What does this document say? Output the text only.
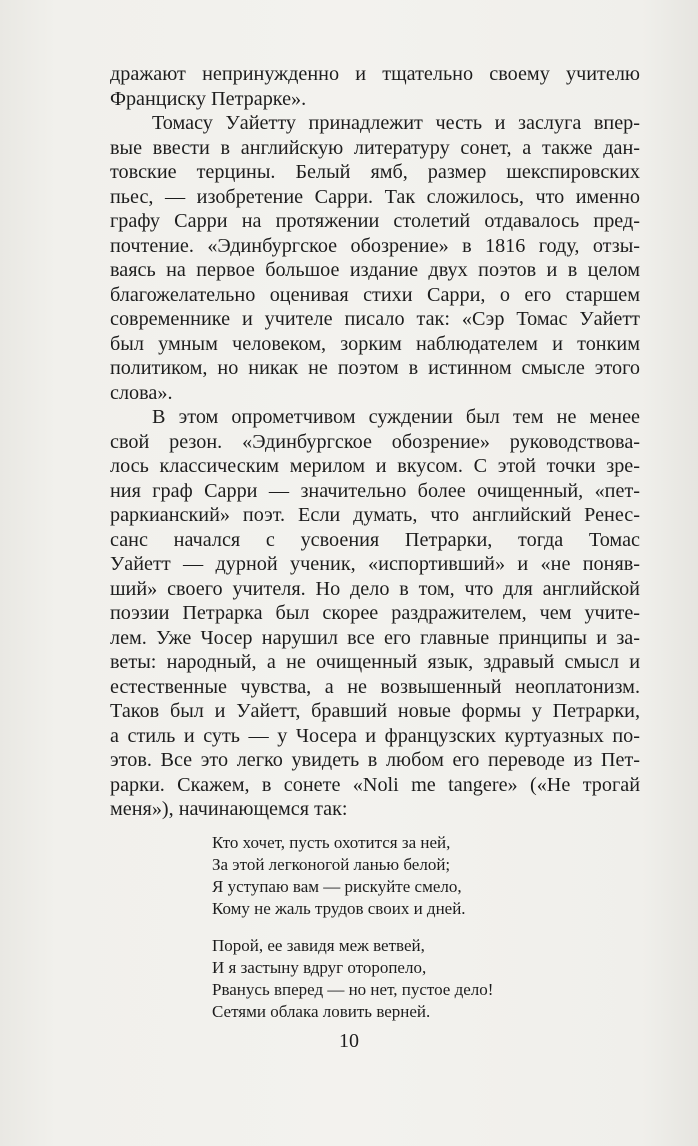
дражают непринужденно и тщательно своему учителю
Франциску Петрарке».

Томасу Уайетту принадлежит честь и заслуга впер-
вые ввести в английскую литературу сонет, а также дан-
товские терцины. Белый ямб, размер шекспировских
пьес, — изобретение Сарри. Так сложилось, что именно
графу Сарри на протяжении столетий отдавалось пред-
почтение. «Эдинбургское обозрение» в 1816 году, отзы-
ваясь на первое большое издание двух поэтов и в целом
благожелательно оценивая стихи Сарри, о его старшем
современнике и учителе писало так: «Сэр Томас Уайетт
был умным человеком, зорким наблюдателем и тонким
политиком, но никак не поэтом в истинном смысле этого
слова».

В этом опрометчивом суждении был тем не менее
свой резон. «Эдинбургское обозрение» руководствова-
лось классическим мерилом и вкусом. С этой точки зре-
ния граф Сарри — значительно более очищенный, «пет-
раркианский» поэт. Если думать, что английский Ренес-
санс начался с усвоения Петрарки, тогда Томас
Уайетт — дурной ученик, «испортивший» и «не поняв-
ший» своего учителя. Но дело в том, что для английской
поэзии Петрарка был скорее раздражителем, чем учите-
лем. Уже Чосер нарушил все его главные принципы и за-
веты: народный, а не очищенный язык, здравый смысл и
естественные чувства, а не возвышенный неоплатонизм.
Таков был и Уайетт, бравший новые формы у Петрарки,
а стиль и суть — у Чосера и французских куртуазных по-
этов. Все это легко увидеть в любом его переводе из Пет-
рарки. Скажем, в сонете «Noli me tangere» («Не трогай
меня»), начинающемся так:

Кто хочет, пусть охотится за ней,
За этой легконогой ланью белой;
Я уступаю вам — рискуйте смело,
Кому не жаль трудов своих и дней.
Порой, ее завидя меж ветвей,
И я застыну вдруг оторопело,
Рванусь вперед — но нет, пустое дело!
Сетями облака ловить верней.
10
